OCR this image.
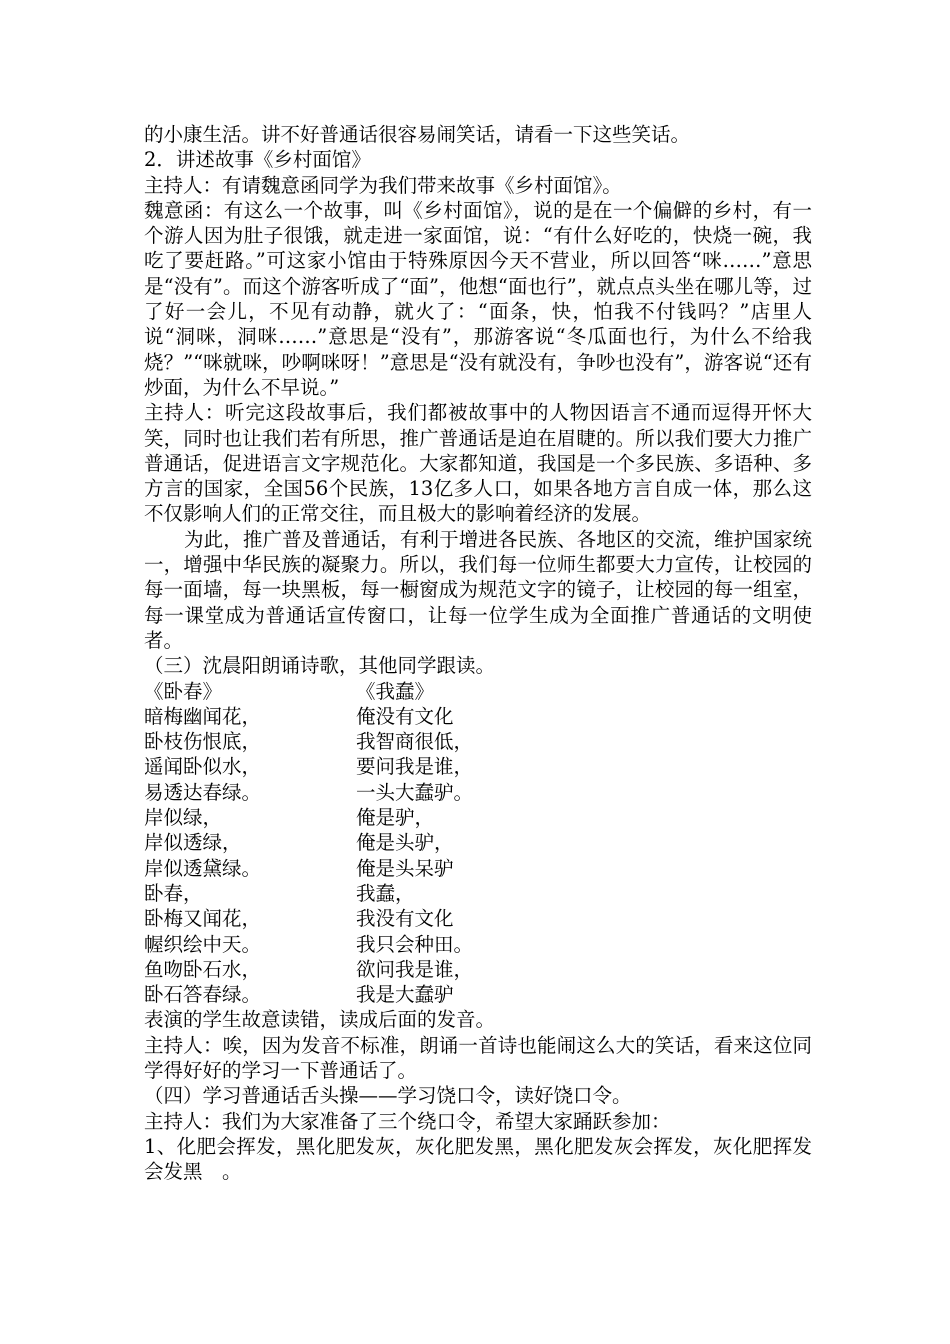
的小康生活。讲不好普通话很容易闹笑话，请看一下这些笑话。

2．讲述故事《乡村面馆》

主持人：有请魏意函同学为我们带来故事《乡村面馆》。

魏意函：有这么一个故事，叫《乡村面馆》，说的是在一个偏僻的乡村，有一个游人因为肚子很饿，就走进一家面馆，说：“有什么好吃的，快烧一碗，我吃了要赶路。”可这家小馆由于特殊原因今天不营业，所以回答“咪……”意思是“没有”。而这个游客听成了“面”，他想“面也行”，就点点头坐在哪儿等，过了好一会儿，不见有动静，就火了：“面条，快，怕我不付钱吗？”店里人说“洞咪，洞咪……”意思是“没有”，那游客说“冬瓜面也行，为什么不给我烧？”“咪就咪，吵啊咪呀！”意思是“没有就没有，争吵也没有”，游客说“还有炒面，为什么不早说。”

主持人：听完这段故事后，我们都被故事中的人物因语言不通而逗得开怀大笑，同时也让我们若有所思，推广普通话是迫在眉睫的。所以我们要大力推广普通话，促进语言文字规范化。大家都知道，我国是一个多民族、多语种、多方言的国家，全国56个民族，13亿多人口，如果各地方言自成一体，那么这不仅影响人们的正常交往，而且极大的影响着经济的发展。

为此，推广普及普通话，有利于增进各民族、各地区的交流，维护国家统一，增强中华民族的凝聚力。所以，我们每一位师生都要大力宣传，让校园的每一面墙，每一块黑板，每一橱窗成为规范文字的镜子，让校园的每一组室，每一课堂成为普通话宣传窗口，让每一位学生成为全面推广普通话的文明使者。

（三）沈晨阳朗诵诗歌，其他同学跟读。

《卧春》	《我蠢》
暗梅幽闻花，	俺没有文化
卧枝伤恨底，	我智商很低，
遥闻卧似水，	要问我是谁，
易透达春绿。	一头大蠢驴。
岸似绿，	俺是驴，
岸似透绿，	俺是头驴，
岸似透黛绿。	俺是头呆驴
卧春，	我蠢，
卧梅又闻花，	我没有文化
幄织绘中天。	我只会种田。
鱼吻卧石水，	欲问我是谁，
卧石答春绿。	我是大蠢驴

表演的学生故意读错，读成后面的发音。

主持人：唉，因为发音不标准，朗诵一首诗也能闹这么大的笑话，看来这位同学得好好的学习一下普通话了。

（四）学习普通话舌头操——学习饶口令，读好饶口令。

主持人：我们为大家准备了三个绕口令，希望大家踊跃参加：

1、化肥会挥发，黑化肥发灰，灰化肥发黑，黑化肥发灰会挥发，灰化肥挥发会发黑　。
